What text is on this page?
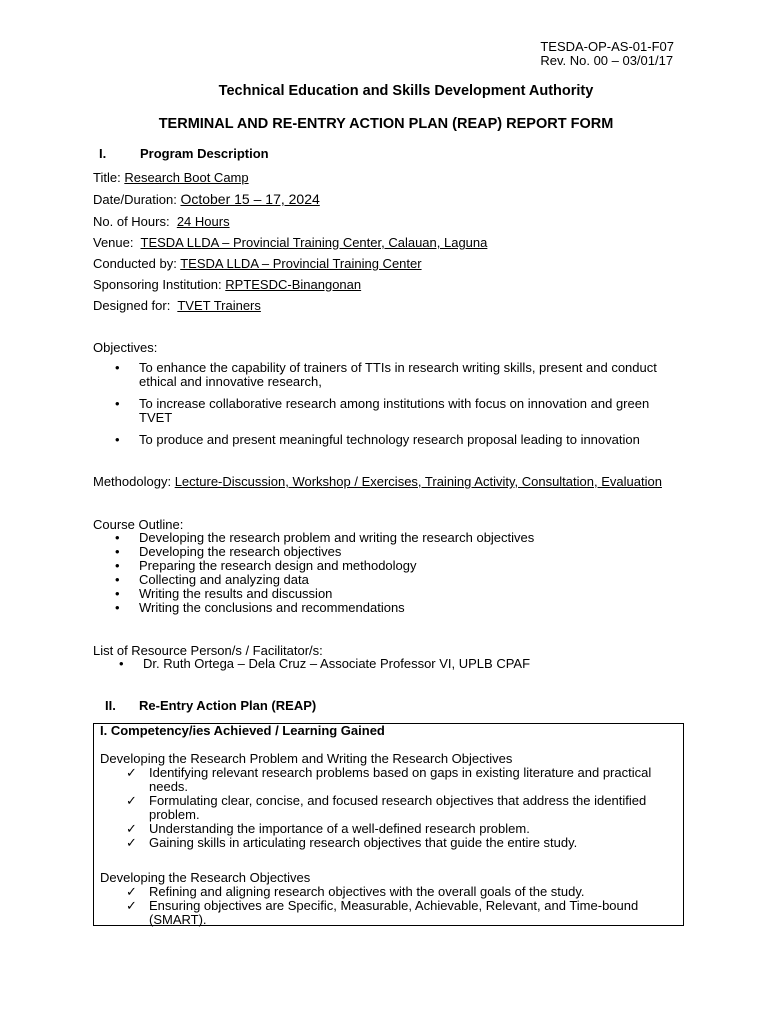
TESDA-OP-AS-01-F07
Rev. No. 00 – 03/01/17
Technical Education and Skills Development Authority
TERMINAL AND RE-ENTRY ACTION PLAN (REAP) REPORT FORM
I.	Program Description
Title: Research Boot Camp
Date/Duration: October 15 – 17, 2024
No. of Hours: 24 Hours
Venue: TESDA LLDA – Provincial Training Center, Calauan, Laguna
Conducted by: TESDA LLDA – Provincial Training Center
Sponsoring Institution: RPTESDC-Binangonan
Designed for: TVET Trainers
Objectives:
• To enhance the capability of trainers of TTIs in research writing skills, present and conduct
ethical and innovative research,
• To increase collaborative research among institutions with focus on innovation and green
TVET
• To produce and present meaningful technology research proposal leading to innovation
Methodology: Lecture-Discussion, Workshop / Exercises, Training Activity, Consultation, Evaluation
Course Outline:
• Developing the research problem and writing the research objectives
• Developing the research objectives
• Preparing the research design and methodology
• Collecting and analyzing data
• Writing the results and discussion
• Writing the conclusions and recommendations
List of Resource Person/s / Facilitator/s:
• Dr. Ruth Ortega – Dela Cruz – Associate Professor VI, UPLB CPAF
II. Re-Entry Action Plan (REAP)
I. Competency/ies Achieved / Learning Gained
Developing the Research Problem and Writing the Research Objectives
✓ Identifying relevant research problems based on gaps in existing literature and practical
needs.
✓ Formulating clear, concise, and focused research objectives that address the identified
problem.
✓ Understanding the importance of a well-defined research problem.
✓ Gaining skills in articulating research objectives that guide the entire study.
Developing the Research Objectives
✓ Refining and aligning research objectives with the overall goals of the study.
✓ Ensuring objectives are Specific, Measurable, Achievable, Relevant, and Time-bound
(SMART).
